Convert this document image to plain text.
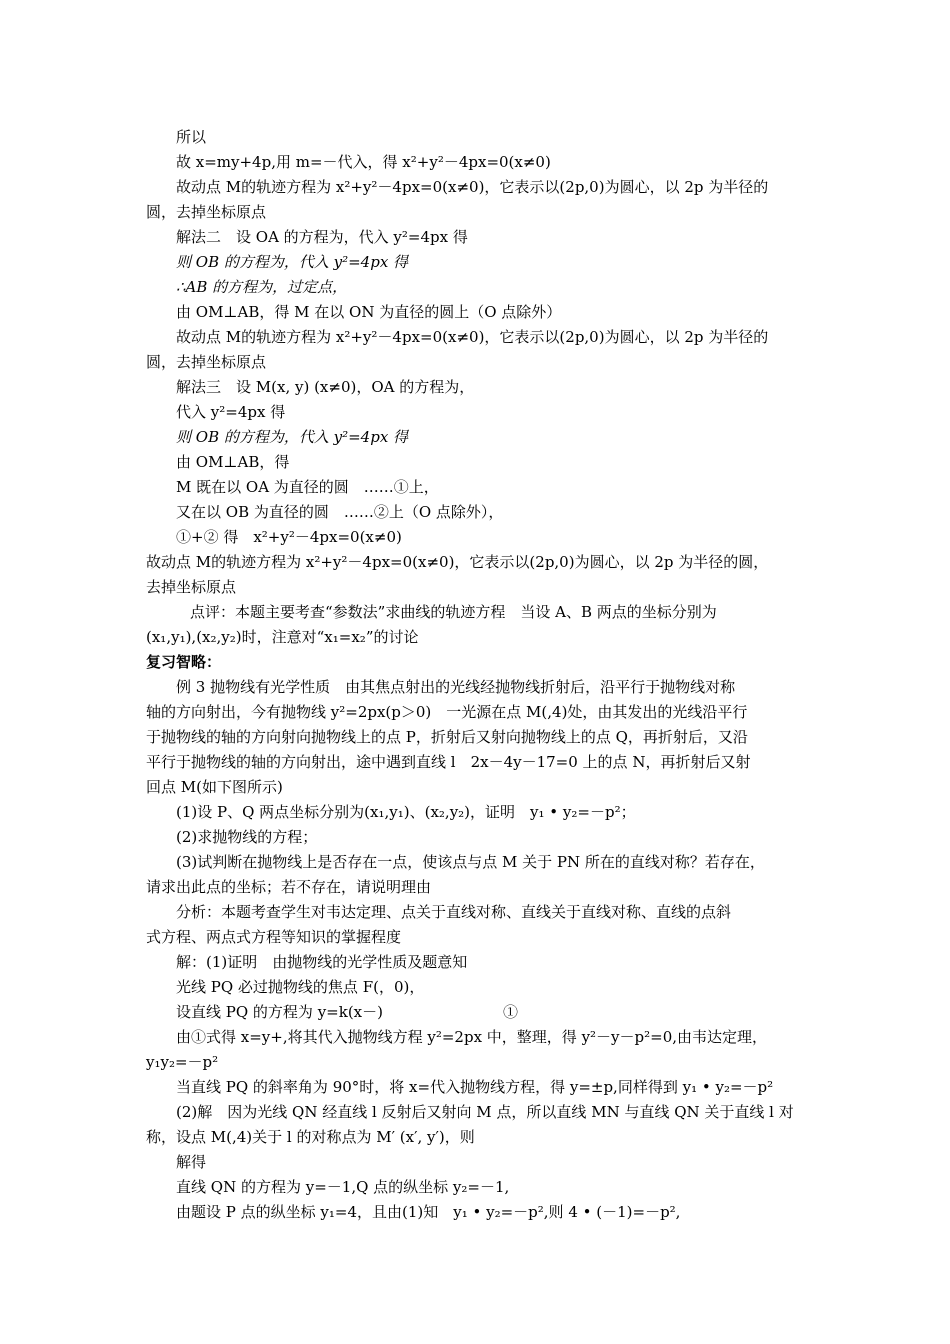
所以
故 x=my+4p,用 m=－代入，得 x²+y²－4px=0(x≠0)
故动点 M的轨迹方程为 x²+y²－4px=0(x≠0)，它表示以(2p,0)为圆心，以 2p 为半径的
圆，去掉坐标原点
解法二　设 OA 的方程为，代入 y²=4px 得
则 OB 的方程为，代入 y²=4px 得
∴AB 的方程为，过定点，
由 OM⊥AB，得 M 在以 ON 为直径的圆上（O 点除外）
故动点 M的轨迹方程为 x²+y²－4px=0(x≠0)，它表示以(2p,0)为圆心，以 2p 为半径的
圆，去掉坐标原点
解法三　设 M(x, y) (x≠0)，OA 的方程为，
代入 y²=4px 得
则 OB 的方程为，代入 y²=4px 得
由 OM⊥AB，得
M 既在以 OA 为直径的圆　……①上，
又在以 OB 为直径的圆　……②上（O 点除外），
①+② 得　x²+y²－4px=0(x≠0)
故动点 M的轨迹方程为 x²+y²－4px=0(x≠0)，它表示以(2p,0)为圆心，以 2p 为半径的圆，
去掉坐标原点
点评：本题主要考查“参数法”求曲线的轨迹方程　当设 A、B 两点的坐标分别为
(x₁,y₁),(x₂,y₂)时，注意对“x₁=x₂”的讨论
复习智略：
例 3 抛物线有光学性质　由其焦点射出的光线经抛物线折射后，沿平行于抛物线对称
轴的方向射出，今有抛物线 y²=2px(p＞0)　一光源在点 M(,4)处，由其发出的光线沿平行
于抛物线的轴的方向射向抛物线上的点 P，折射后又射向抛物线上的点 Q，再折射后，又沿
平行于抛物线的轴的方向射出，途中遇到直线 l　2x－4y－17=0 上的点 N，再折射后又射
回点 M(如下图所示)
(1)设 P、Q 两点坐标分别为(x₁,y₁)、(x₂,y₂)，证明　y₁ • y₂=－p²；
(2)求抛物线的方程；
(3)试判断在抛物线上是否存在一点，使该点与点 M 关于 PN 所在的直线对称？若存在，
请求出此点的坐标；若不存在，请说明理由
分析：本题考查学生对韦达定理、点关于直线对称、直线关于直线对称、直线的点斜
式方程、两点式方程等知识的掌握程度
解：(1)证明　由抛物线的光学性质及题意知
光线 PQ 必过抛物线的焦点 F(，0)，
设直线 PQ 的方程为 y=k(x－)　　　　　　　　①
由①式得 x=y+,将其代入抛物线方程 y²=2px 中，整理，得 y²－y－p²=0,由韦达定理，
y₁y₂=－p²
当直线 PQ 的斜率角为 90°时，将 x=代入抛物线方程，得 y=±p,同样得到 y₁ • y₂=－p²
(2)解　因为光线 QN 经直线 l 反射后又射向 M 点，所以直线 MN 与直线 QN 关于直线 l 对
称，设点 M(,4)关于 l 的对称点为 M′ (x′, y′)，则
解得
直线 QN 的方程为 y=－1,Q 点的纵坐标 y₂=－1,
由题设 P 点的纵坐标 y₁=4，且由(1)知　y₁ • y₂=－p²,则 4 • (－1)=－p²,
